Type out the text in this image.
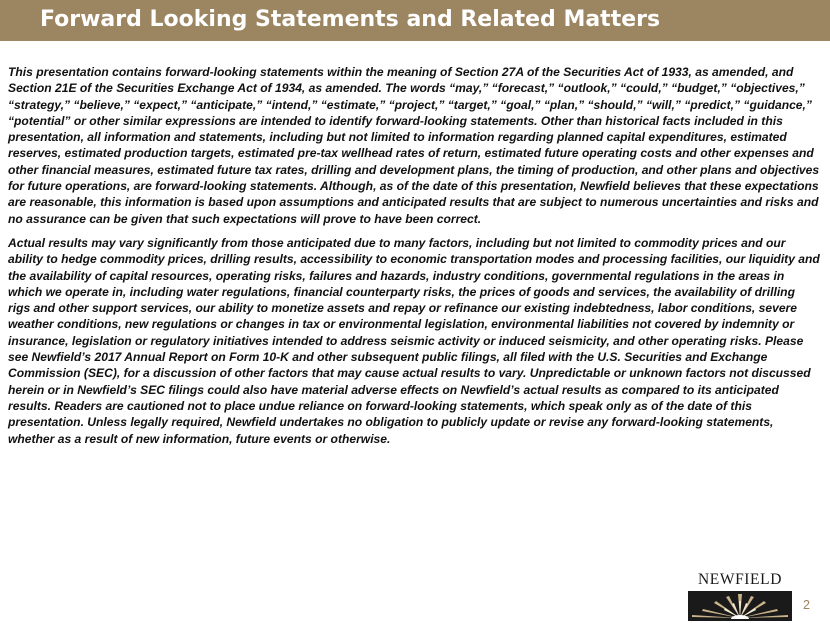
Forward Looking Statements and Related Matters

This presentation contains forward-looking statements within the meaning of Section 27A of the Securities Act of 1933, as amended, and Section 21E of the Securities Exchange Act of 1934, as amended. The words “may,” “forecast,” “outlook,” “could,” “budget,” “objectives,” “strategy,” “believe,” “expect,” “anticipate,” “intend,” “estimate,” “project,” “target,” “goal,” “plan,” “should,” “will,” “predict,” “guidance,” “potential” or other similar expressions are intended to identify forward-looking statements. Other than historical facts included in this presentation, all information and statements, including but not limited to information regarding planned capital expenditures, estimated reserves, estimated production targets, estimated pre-tax wellhead rates of return, estimated future operating costs and other expenses and other financial measures, estimated future tax rates, drilling and development plans, the timing of production, and other plans and objectives for future operations, are forward-looking statements. Although, as of the date of this presentation, Newfield believes that these expectations are reasonable, this information is based upon assumptions and anticipated results that are subject to numerous uncertainties and risks and no assurance can be given that such expectations will prove to have been correct.

Actual results may vary significantly from those anticipated due to many factors, including but not limited to commodity prices and our ability to hedge commodity prices, drilling results, accessibility to economic transportation modes and processing facilities, our liquidity and the availability of capital resources, operating risks, failures and hazards, industry conditions, governmental regulations in the areas in which we operate in, including water regulations, financial counterparty risks, the prices of goods and services, the availability of drilling rigs and other support services, our ability to monetize assets and repay or refinance our existing indebtedness, labor conditions, severe weather conditions, new regulations or changes in tax or environmental legislation, environmental liabilities not covered by indemnity or insurance, legislation or regulatory initiatives intended to address seismic activity or induced seismicity, and other operating risks. Please see Newfield’s 2017 Annual Report on Form 10-K and other subsequent public filings, all filed with the U.S. Securities and Exchange Commission (SEC), for a discussion of other factors that may cause actual results to vary. Unpredictable or unknown factors not discussed herein or in Newfield’s SEC filings could also have material adverse effects on Newfield’s actual results as compared to its anticipated results. Readers are cautioned not to place undue reliance on forward-looking statements, which speak only as of the date of this presentation. Unless legally required, Newfield undertakes no obligation to publicly update or revise any forward-looking statements, whether as a result of new information, future events or otherwise.

NEWFIELD
2
